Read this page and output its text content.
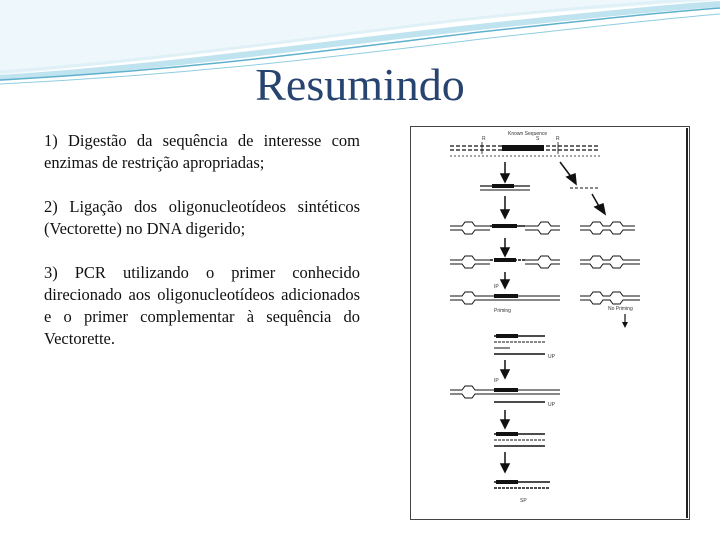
Resumindo
1) Digestão da sequência de interesse com enzimas de restrição apropriadas;
2) Ligação dos oligonucleotídeos sintéticos (Vectorette) no DNA digerido;
3) PCR utilizando o primer conhecido direcionado aos oligonucleotídeos adicionados e o primer complementar à sequência do Vectorette.
Known Sequence
R	S	R
IP
Priming	No Priming
UP
IP
UP
SP
